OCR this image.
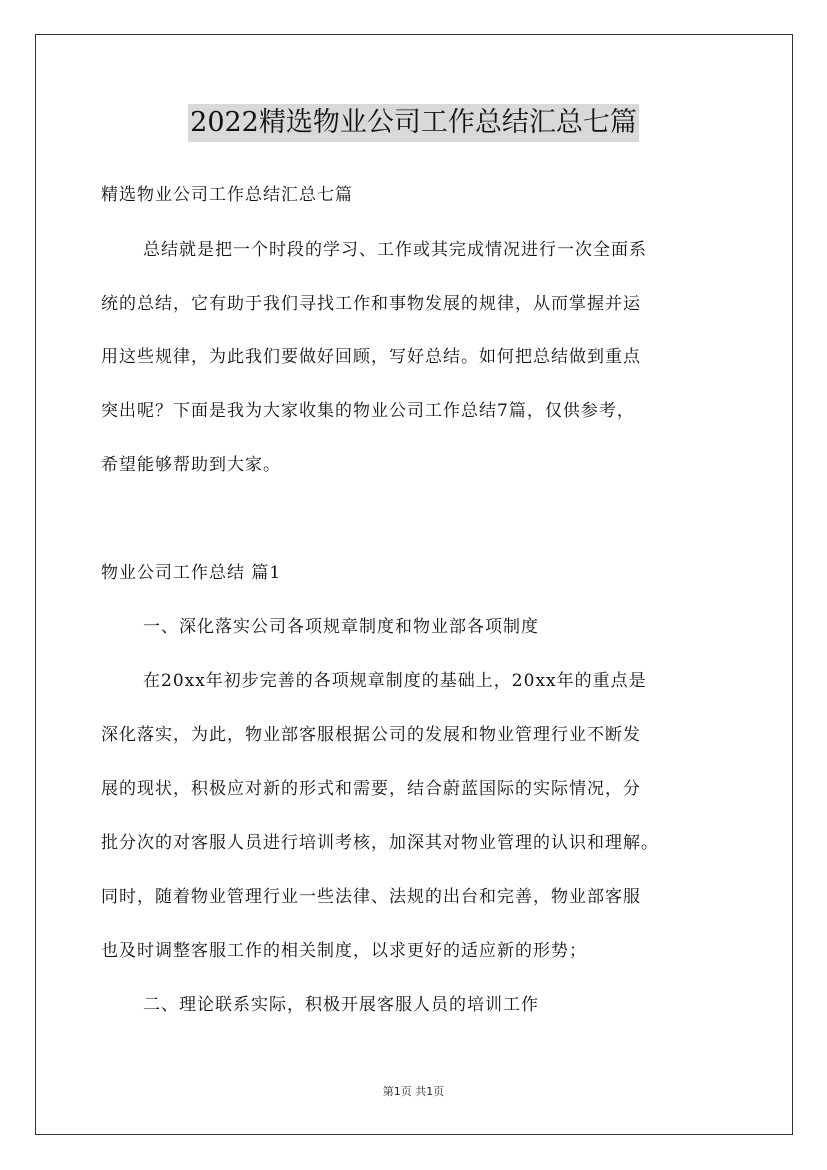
2022精选物业公司工作总结汇总七篇
精选物业公司工作总结汇总七篇
总结就是把一个时段的学习、工作或其完成情况进行一次全面系
统的总结，它有助于我们寻找工作和事物发展的规律，从而掌握并运
用这些规律，为此我们要做好回顾，写好总结。如何把总结做到重点
突出呢？下面是我为大家收集的物业公司工作总结7篇，仅供参考，
希望能够帮助到大家。
物业公司工作总结 篇1
一、深化落实公司各项规章制度和物业部各项制度
在20xx年初步完善的各项规章制度的基础上，20xx年的重点是
深化落实，为此，物业部客服根据公司的发展和物业管理行业不断发
展的现状，积极应对新的形式和需要，结合蔚蓝国际的实际情况，分
批分次的对客服人员进行培训考核，加深其对物业管理的认识和理解。
同时，随着物业管理行业一些法律、法规的出台和完善，物业部客服
也及时调整客服工作的相关制度，以求更好的适应新的形势；
二、理论联系实际，积极开展客服人员的培训工作
第1页 共1页
